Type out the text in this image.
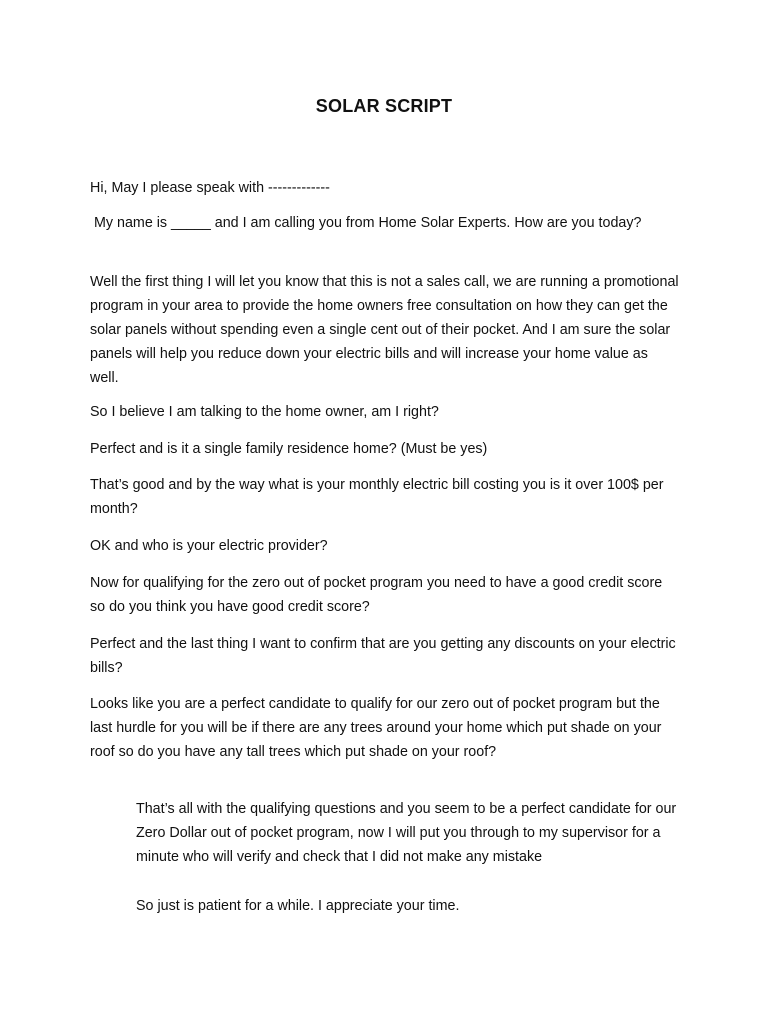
SOLAR SCRIPT

Hi, May I please speak with -------------

My name is _____ and I am calling you from Home Solar Experts. How are you today?

Well the first thing I will let you know that this is not a sales call, we are running a promotional program in your area to provide the home owners free consultation on how they can get the solar panels without spending even a single cent out of their pocket. And I am sure the solar panels will help you reduce down your electric bills and will increase your home value as well.

So I believe I am talking to the home owner, am I right?

Perfect and is it a single family residence home? (Must be yes)

That’s good and by the way what is your monthly electric bill costing you is it over 100$ per month?

OK and who is your electric provider?

Now for qualifying for the zero out of pocket program you need to have a good credit score so do you think you have good credit score?

Perfect and the last thing I want to confirm that are you getting any discounts on your electric bills?

Looks like you are a perfect candidate to qualify for our zero out of pocket program but the last hurdle for you will be if there are any trees around your home which put shade on your roof so do you have any tall trees which put shade on your roof?

That’s all with the qualifying questions and you seem to be a perfect candidate for our Zero Dollar out of pocket program, now I will put you through to my supervisor for a minute who will verify and check that I did not make any mistake

So just is patient for a while. I appreciate your time.
